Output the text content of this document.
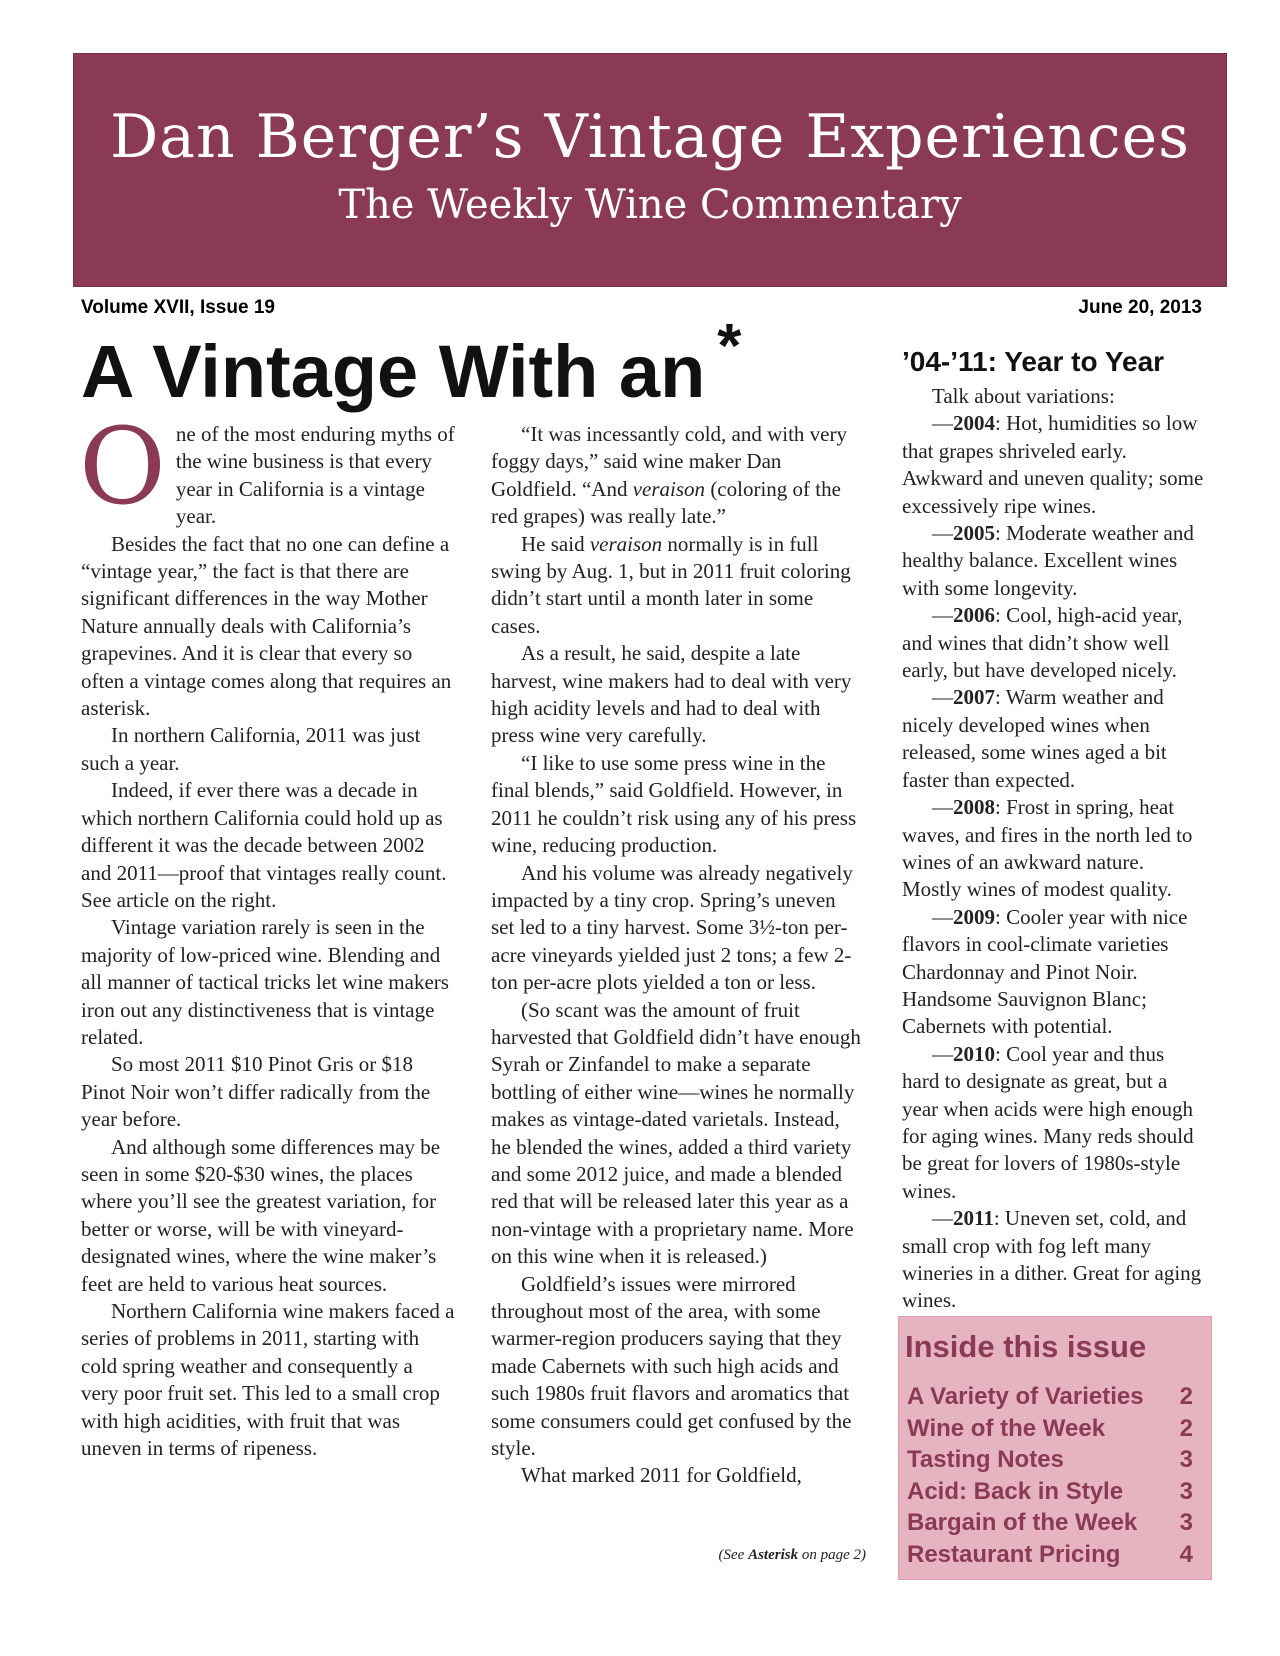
Dan Berger’s Vintage Experiences
The Weekly Wine Commentary
Volume XVII, Issue 19	June 20, 2013
A Vintage With an *

One of the most enduring myths of the wine business is that every year in California is a vintage year.

Besides the fact that no one can define a “vintage year,” the fact is that there are significant differences in the way Mother Nature annually deals with California’s grapevines. And it is clear that every so often a vintage comes along that requires an asterisk.

In northern California, 2011 was just such a year.

Indeed, if ever there was a decade in which northern California could hold up as different it was the decade between 2002 and 2011—proof that vintages really count. See article on the right.

Vintage variation rarely is seen in the majority of low-priced wine. Blending and all manner of tactical tricks let wine makers iron out any distinctiveness that is vintage related.

So most 2011 $10 Pinot Gris or $18 Pinot Noir won’t differ radically from the year before.

And although some differences may be seen in some $20-$30 wines, the places where you’ll see the greatest variation, for better or worse, will be with vineyard-designated wines, where the wine maker’s feet are held to various heat sources.

Northern California wine makers faced a series of problems in 2011, starting with cold spring weather and consequently a very poor fruit set. This led to a small crop with high acidities, with fruit that was uneven in terms of ripeness.

“It was incessantly cold, and with very foggy days,” said wine maker Dan Goldfield. “And veraison (coloring of the red grapes) was really late.”

He said veraison normally is in full swing by Aug. 1, but in 2011 fruit coloring didn’t start until a month later in some cases.

As a result, he said, despite a late harvest, wine makers had to deal with very high acidity levels and had to deal with press wine very carefully.

“I like to use some press wine in the final blends,” said Goldfield. However, in 2011 he couldn’t risk using any of his press wine, reducing production.

And his volume was already negatively impacted by a tiny crop. Spring’s uneven set led to a tiny harvest. Some 3½-ton per-acre vineyards yielded just 2 tons; a few 2-ton per-acre plots yielded a ton or less.

(So scant was the amount of fruit harvested that Goldfield didn’t have enough Syrah or Zinfandel to make a separate bottling of either wine—wines he normally makes as vintage-dated varietals. Instead, he blended the wines, added a third variety and some 2012 juice, and made a blended red that will be released later this year as a non-vintage with a proprietary name. More on this wine when it is released.)

Goldfield’s issues were mirrored throughout most of the area, with some warmer-region producers saying that they made Cabernets with such high acids and such 1980s fruit flavors and aromatics that some consumers could get confused by the style.

What marked 2011 for Goldfield,

(See Asterisk on page 2)
’04-’11: Year to Year

Talk about variations:

—2004: Hot, humidities so low that grapes shriveled early. Awkward and uneven quality; some excessively ripe wines.

—2005: Moderate weather and healthy balance. Excellent wines with some longevity.

—2006: Cool, high-acid year, and wines that didn’t show well early, but have developed nicely.

—2007: Warm weather and nicely developed wines when released, some wines aged a bit faster than expected.

—2008: Frost in spring, heat waves, and fires in the north led to wines of an awkward nature. Mostly wines of modest quality.

—2009: Cooler year with nice flavors in cool-climate varieties Chardonnay and Pinot Noir. Handsome Sauvignon Blanc; Cabernets with potential.

—2010: Cool year and thus hard to designate as great, but a year when acids were high enough for aging wines. Many reds should be great for lovers of 1980s-style wines.

—2011: Uneven set, cold, and small crop with fog left many wineries in a dither. Great for aging wines.

Inside this issue
A Variety of Varieties 2
Wine of the Week	2
Tasting Notes	3
Acid: Back in Style 3
Bargain of the Week 3
Restaurant Pricing 4
